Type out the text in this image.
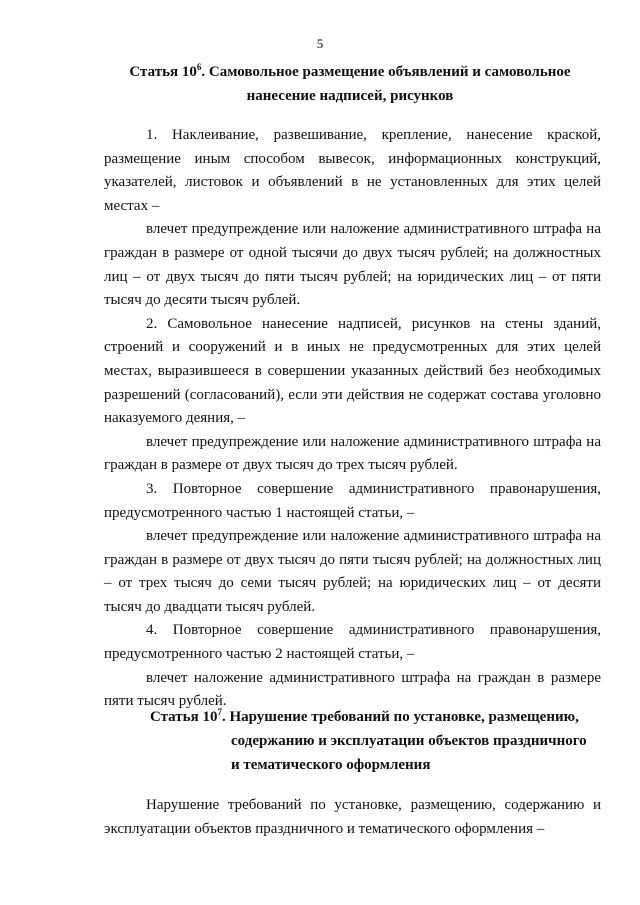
5
Статья $10^6$. Самовольное размещение объявлений и самовольное
нанесение надписей, рисунков

1. Наклеивание, развешивание, крепление, нанесение краской, размещение иным способом вывесок, информационных конструкций, указателей, листовок и объявлений в не установленных для этих целей местах –

влечет предупреждение или наложение административного штрафа на граждан в размере от одной тысячи до двух тысяч рублей; на должностных лиц – от двух тысяч до пяти тысяч рублей; на юридических лиц – от пяти тысяч до десяти тысяч рублей.

2. Самовольное нанесение надписей, рисунков на стены зданий, строений и сооружений и в иных не предусмотренных для этих целей местах, выразившееся в совершении указанных действий без необходимых разрешений (согласований), если эти действия не содержат состава уголовно наказуемого деяния, –

влечет предупреждение или наложение административного штрафа на граждан в размере от двух тысяч до трех тысяч рублей.

3. Повторное совершение административного правонарушения, предусмотренного частью 1 настоящей статьи, –

влечет предупреждение или наложение административного штрафа на граждан в размере от двух тысяч до пяти тысяч рублей; на должностных лиц – от трех тысяч до семи тысяч рублей; на юридических лиц – от десяти тысяч до двадцати тысяч рублей.

4. Повторное совершение административного правонарушения, предусмотренного частью 2 настоящей статьи, –

влечет наложение административного штрафа на граждан в размере пяти тысяч рублей.

Статья $10^7$. Нарушение требований по установке, размещению,
содержанию и эксплуатации объектов праздничного
и тематического оформления

Нарушение требований по установке, размещению, содержанию и эксплуатации объектов праздничного и тематического оформления –
